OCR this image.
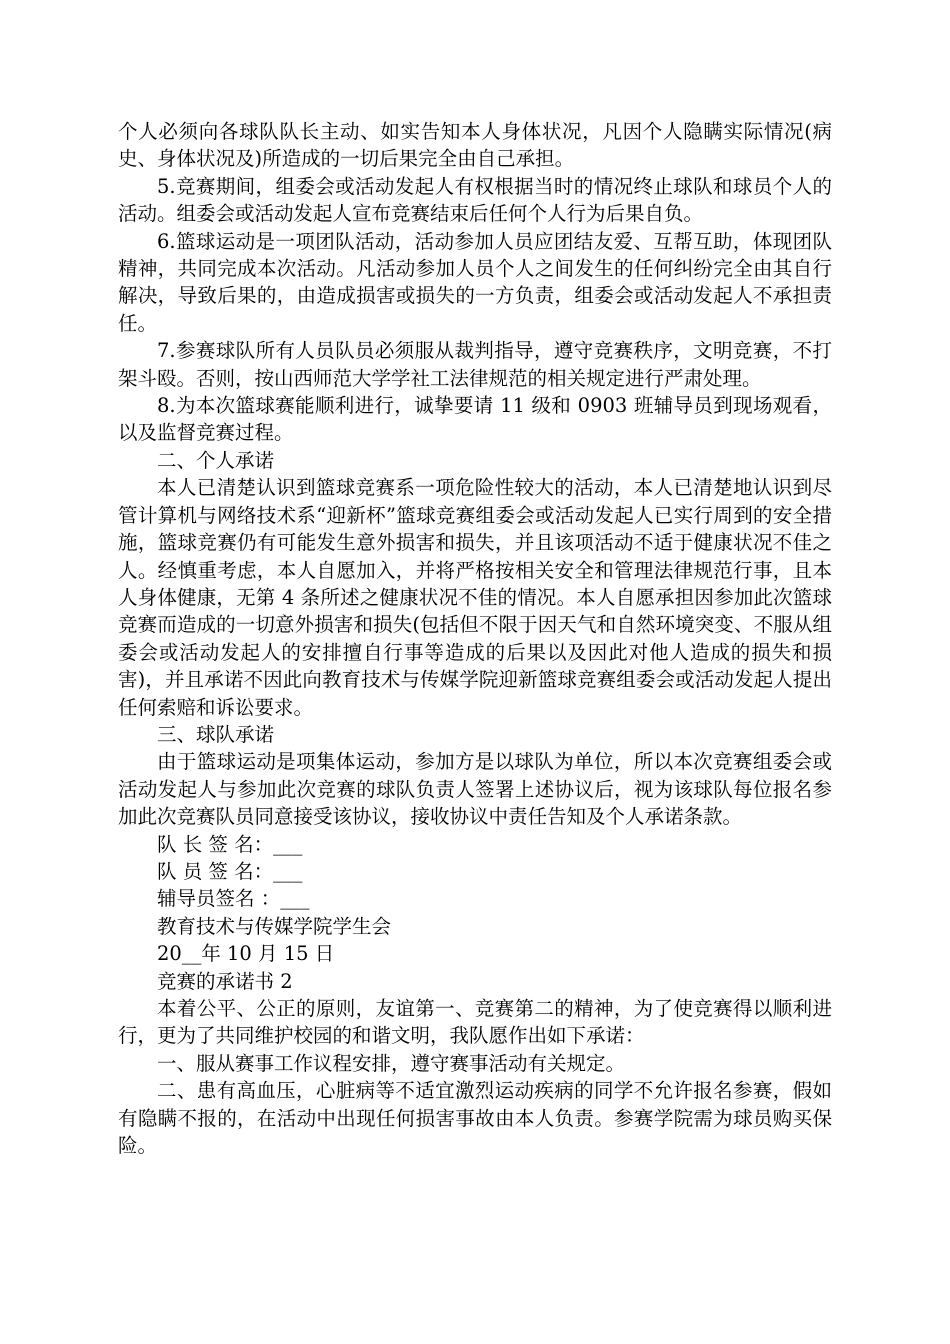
个人必须向各球队队长主动、如实告知本人身体状况，凡因个人隐瞒实际情况(病史、身体状况及)所造成的一切后果完全由自己承担。

5.竞赛期间，组委会或活动发起人有权根据当时的情况终止球队和球员个人的活动。组委会或活动发起人宣布竞赛结束后任何个人行为后果自负。

6.篮球运动是一项团队活动，活动参加人员应团结友爱、互帮互助，体现团队精神，共同完成本次活动。凡活动参加人员个人之间发生的任何纠纷完全由其自行解决，导致后果的，由造成损害或损失的一方负责，组委会或活动发起人不承担责任。

7.参赛球队所有人员队员必须服从裁判指导，遵守竞赛秩序，文明竞赛，不打架斗殴。否则，按山西师范大学学社工法律规范的相关规定进行严肃处理。

8.为本次篮球赛能顺利进行，诚挚要请 11 级和 0903 班辅导员到现场观看，以及监督竞赛过程。

二、个人承诺

本人已清楚认识到篮球竞赛系一项危险性较大的活动，本人已清楚地认识到尽管计算机与网络技术系“迎新杯”篮球竞赛组委会或活动发起人已实行周到的安全措施，篮球竞赛仍有可能发生意外损害和损失，并且该项活动不适于健康状况不佳之人。经慎重考虑，本人自愿加入，并将严格按相关安全和管理法律规范行事，且本人身体健康，无第 4 条所述之健康状况不佳的情况。本人自愿承担因参加此次篮球竞赛而造成的一切意外损害和损失(包括但不限于因天气和自然环境突变、不服从组委会或活动发起人的安排擅自行事等造成的后果以及因此对他人造成的损失和损害)，并且承诺不因此向教育技术与传媒学院迎新篮球竞赛组委会或活动发起人提出任何索赔和诉讼要求。

三、球队承诺

由于篮球运动是项集体运动，参加方是以球队为单位，所以本次竞赛组委会或活动发起人与参加此次竞赛的球队负责人签署上述协议后，视为该球队每位报名参加此次竞赛队员同意接受该协议，接收协议中责任告知及个人承诺条款。

队 长 签 名：___

队 员 签 名：___

辅导员签名 ：___

教育技术与传媒学院学生会

20__年 10 月 15 日

竞赛的承诺书 2

本着公平、公正的原则，友谊第一、竞赛第二的精神，为了使竞赛得以顺利进行，更为了共同维护校园的和谐文明，我队愿作出如下承诺：

一、服从赛事工作议程安排，遵守赛事活动有关规定。

二、患有高血压，心脏病等不适宜激烈运动疾病的同学不允许报名参赛，假如有隐瞒不报的，在活动中出现任何损害事故由本人负责。参赛学院需为球员购买保险。
